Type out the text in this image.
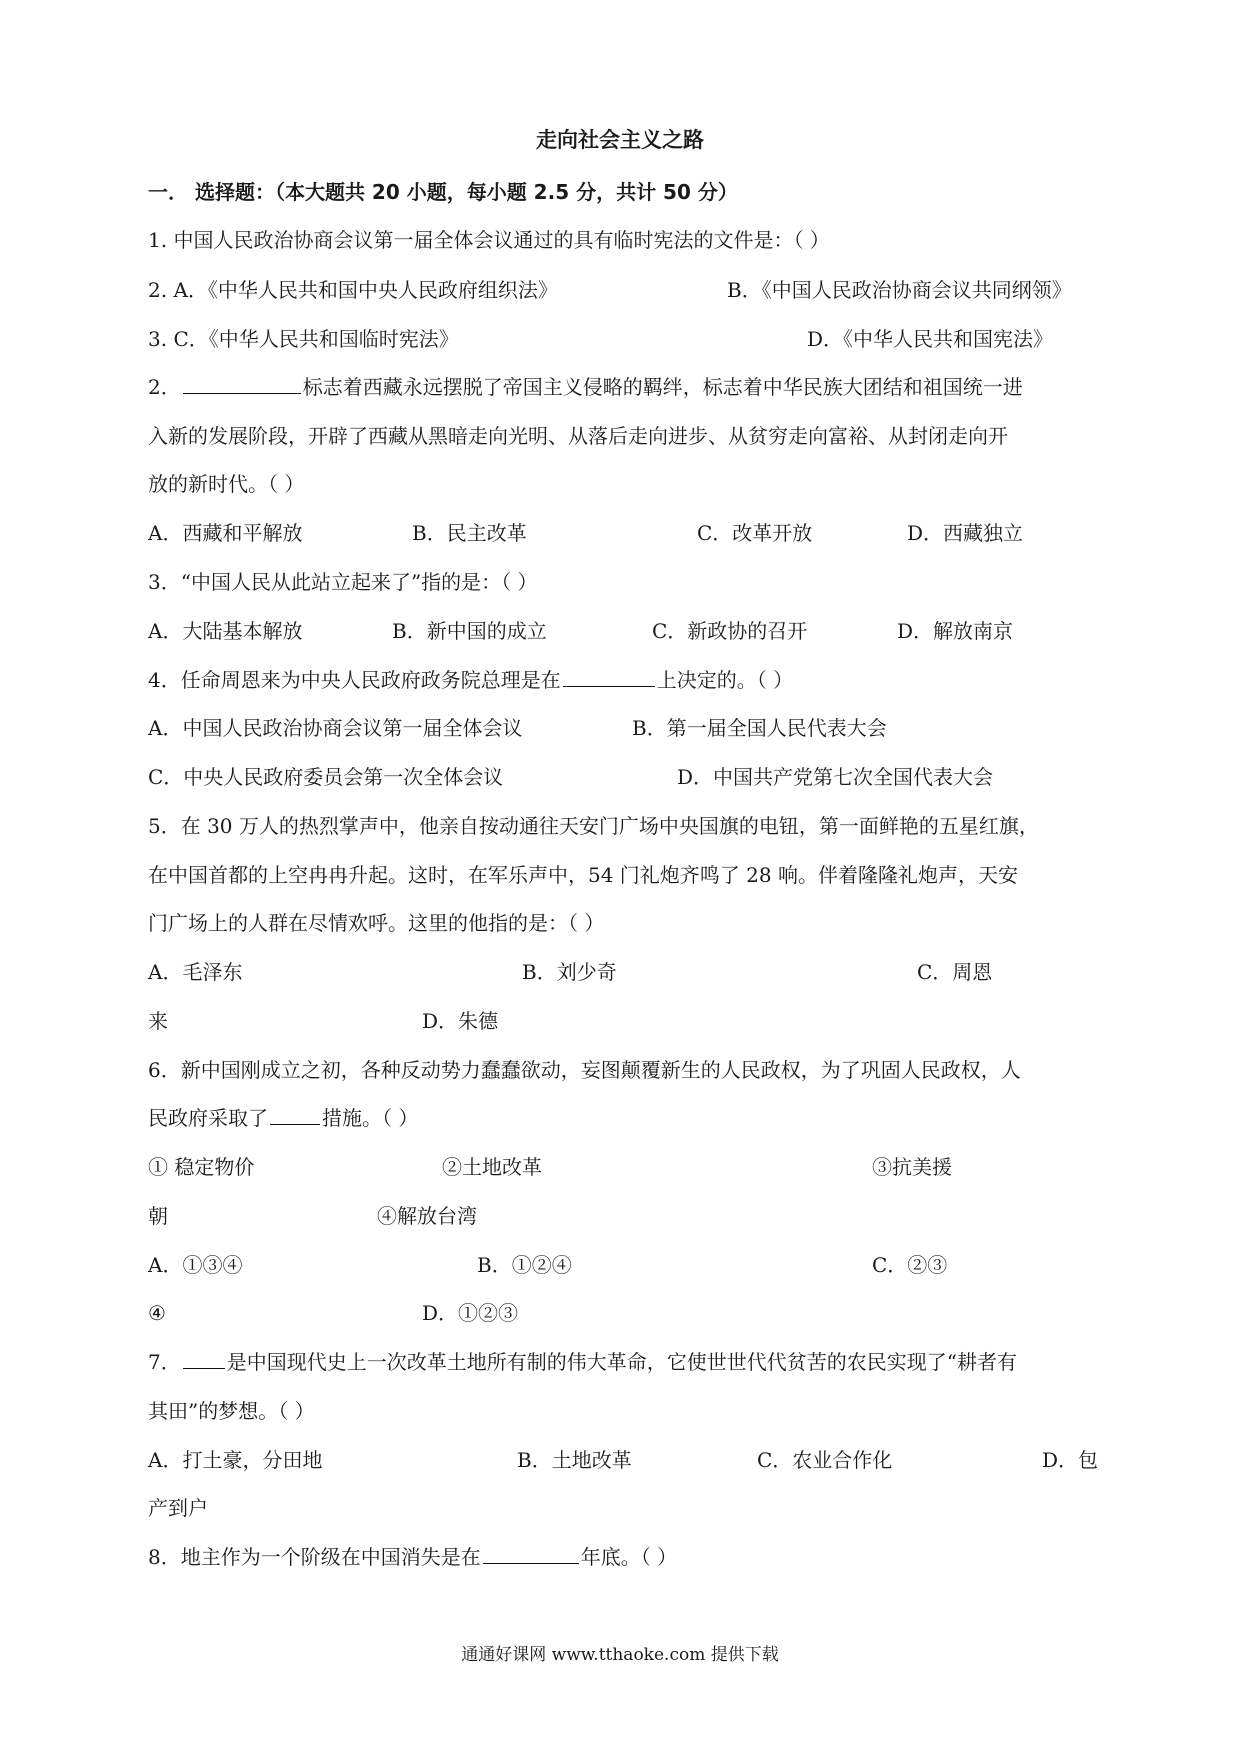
走向社会主义之路
一． 选择题：（本大题共 20 小题，每小题 2.5 分，共计 50 分）
1. 中国人民政治协商会议第一届全体会议通过的具有临时宪法的文件是：（ ）
2. A．《中华人民共和国中央人民政府组织法》	B．《中国人民政治协商会议共同纲领》
3. C．《中华人民共和国临时宪法》	D．《中华人民共和国宪法》
2．	标志着西藏永远摆脱了帝国主义侵略的羁绊，标志着中华民族大团结和祖国统一进
入新的发展阶段，开辟了西藏从黑暗走向光明、从落后走向进步、从贫穷走向富裕、从封闭走向开
放的新时代。（ ）
A．西藏和平解放	B．民主改革	C．改革开放	D．西藏独立
3．“中国人民从此站立起来了”指的是：（ ）
A．大陆基本解放	B．新中国的成立	C．新政协的召开	D．解放南京
4．任命周恩来为中央人民政府政务院总理是在	上决定的。（ ）
A．中国人民政治协商会议第一届全体会议	B．第一届全国人民代表大会
C．中央人民政府委员会第一次全体会议	D．中国共产党第七次全国代表大会
5．在 30 万人的热烈掌声中，他亲自按动通往天安门广场中央国旗的电钮，第一面鲜艳的五星红旗，
在中国首都的上空冉冉升起。这时，在军乐声中，54 门礼炮齐鸣了 28 响。伴着隆隆礼炮声，天安
门广场上的人群在尽情欢呼。这里的他指的是：（ ）
A．毛泽东	B．刘少奇	C．周恩
来	D．朱德
6．新中国刚成立之初，各种反动势力蠢蠢欲动，妄图颠覆新生的人民政权，为了巩固人民政权，人
民政府采取了	措施。（ ）
① 稳定物价	②土地改革	③抗美援
朝	④解放台湾
A．①③④	B．①②④	C．②③
④	D．①②③
7． 是中国现代史上一次改革土地所有制的伟大革命，它使世世代代贫苦的农民实现了“耕者有
其田”的梦想。（ ）
A．打土豪，分田地	B．土地改革	C．农业合作化	D．包
产到户
8．地主作为一个阶级在中国消失是在	年底。（ ）
通通好课网 www.tthaoke.com 提供下载
